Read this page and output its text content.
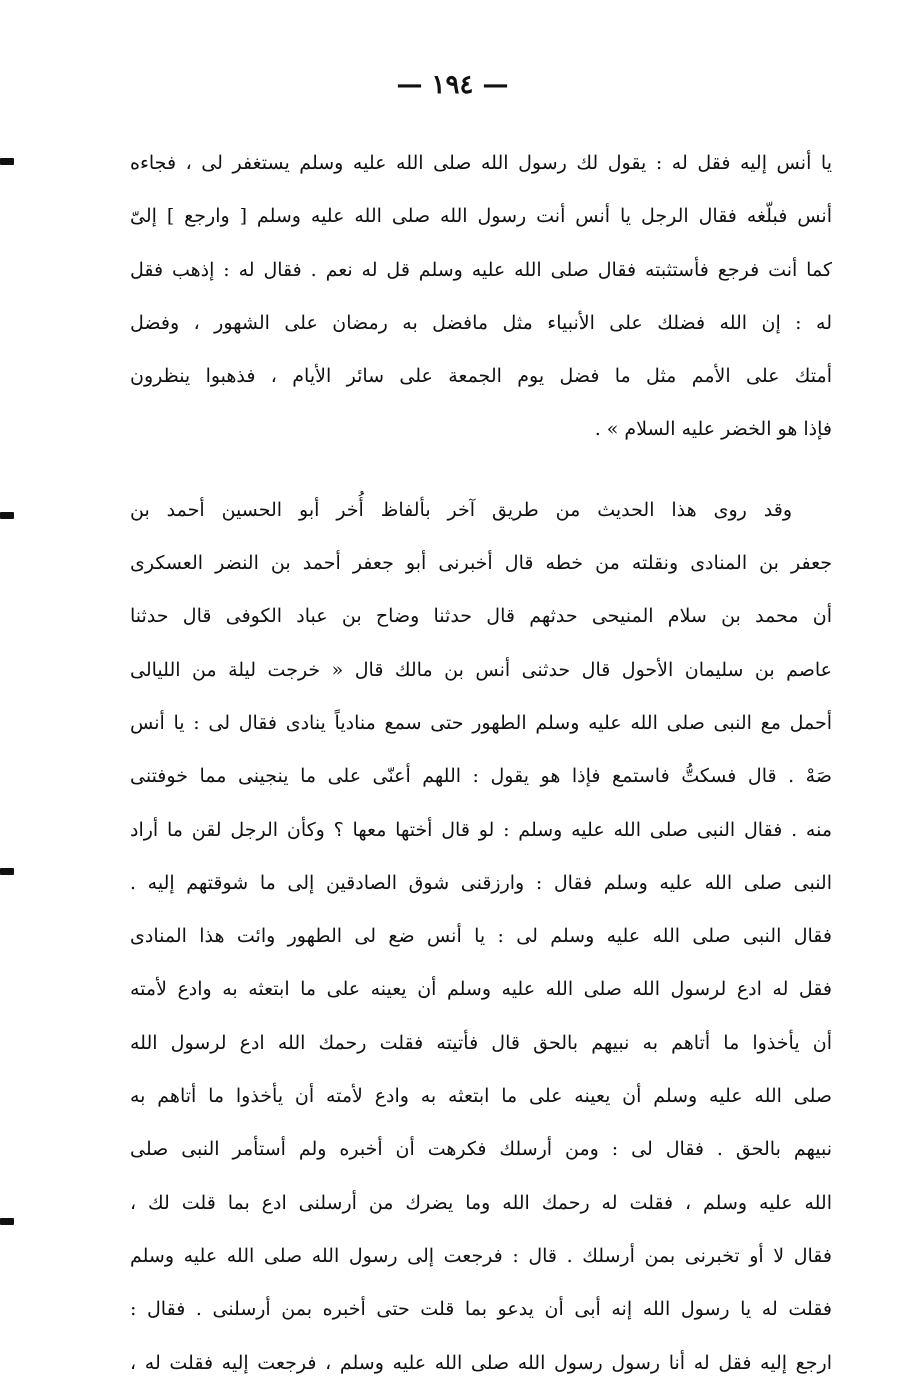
— ١٩٤ —
يا أنس إليه فقل له : يقول لك رسول الله صلى الله عليه وسلم يستغفر لى ، فجاءه
أنس فبلّغه فقال الرجل يا أنس أنت رسول الله صلى الله عليه وسلم [ وارجع ] إلىّ
كما أنت فرجع فأستثبته فقال صلى الله عليه وسلم قل له نعم . فقال له : إذهب فقل
له : إن الله فضلك على الأنبياء مثل مافضل به رمضان على الشهور ، وفضل
أمتك على الأمم مثل ما فضل يوم الجمعة على سائر الأيام ، فذهبوا ينظرون
فإذا هو الخضر عليه السلام » .
وقد روى هذا الحديث من طريق آخر بألفاظ أُخر أبو الحسين أحمد بن
جعفر بن المنادى ونقلته من خطه قال أخبرنى أبو جعفر أحمد بن النضر العسكرى
أن محمد بن سلام المنيحى حدثهم قال حدثنا وضاح بن عباد الكوفى قال حدثنا
عاصم بن سليمان الأحول قال حدثنى أنس بن مالك قال « خرجت ليلة من الليالى
أحمل مع النبى صلى الله عليه وسلم الطهور حتى سمع منادياً ينادى فقال لى : يا أنس
صَهْ . قال فسكتُّ فاستمع فإذا هو يقول : اللهم أعنّى على ما ينجينى مما خوفتنى
منه . فقال النبى صلى الله عليه وسلم : لو قال أختها معها ؟ وكأن الرجل لقن ما أراد
النبى صلى الله عليه وسلم فقال : وارزقنى شوق الصادقين إلى ما شوقتهم إليه .
فقال النبى صلى الله عليه وسلم لى : يا أنس ضع لى الطهور وائت هذا المنادى
فقل له ادع لرسول الله صلى الله عليه وسلم أن يعينه على ما ابتعثه به وادع لأمته
أن يأخذوا ما أتاهم به نبيهم بالحق قال فأتيته فقلت رحمك الله ادع لرسول الله
صلى الله عليه وسلم أن يعينه على ما ابتعثه به وادع لأمته أن يأخذوا ما أتاهم به
نبيهم بالحق . فقال لى : ومن أرسلك فكرهت أن أخبره ولم أستأمر النبى صلى
الله عليه وسلم ، فقلت له رحمك الله وما يضرك من أرسلنى ادع بما قلت لك ،
فقال لا أو تخبرنى بمن أرسلك . قال : فرجعت إلى رسول الله صلى الله عليه وسلم
فقلت له يا رسول الله إنه أبى أن يدعو بما قلت حتى أخبره بمن أرسلنى . فقال :
ارجع إليه فقل له أنا رسول رسول الله صلى الله عليه وسلم ، فرجعت إليه فقلت له ،
